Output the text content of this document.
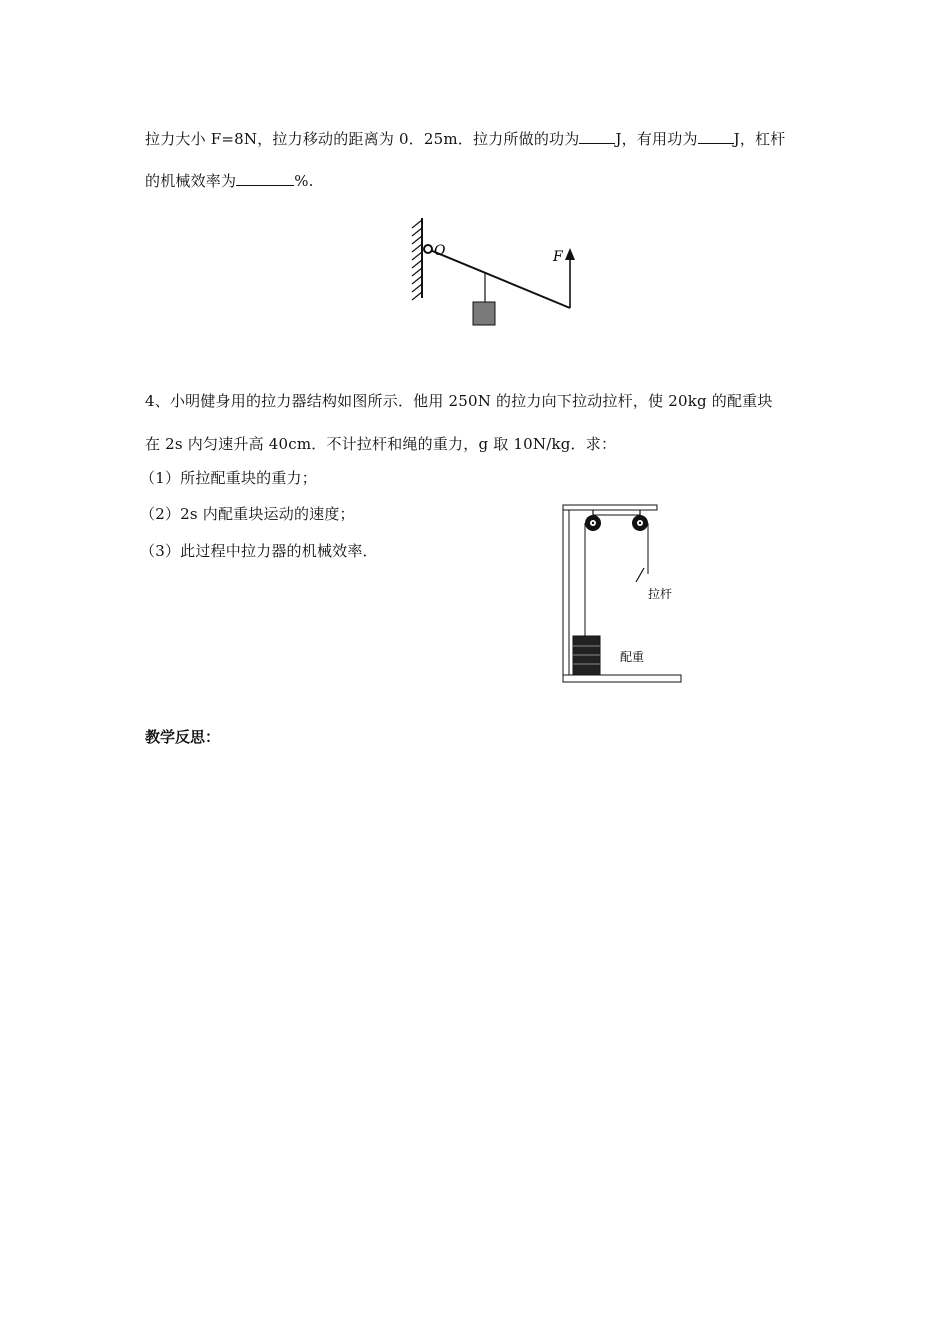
拉力大小 F=8N，拉力移动的距离为 0．25m．拉力所做的功为 J，有用功为 J，杠杆
的机械效率为	%.
O	F
4、小明健身用的拉力器结构如图所示．他用 250N 的拉力向下拉动拉杆，使 20kg 的配重块
在 2s 内匀速升高 40cm．不计拉杆和绳的重力，g 取 10N/kg．求：
（1）所拉配重块的重力；
（2）2s 内配重块运动的速度；
（3）此过程中拉力器的机械效率．
拉杆
配重
教学反思：
